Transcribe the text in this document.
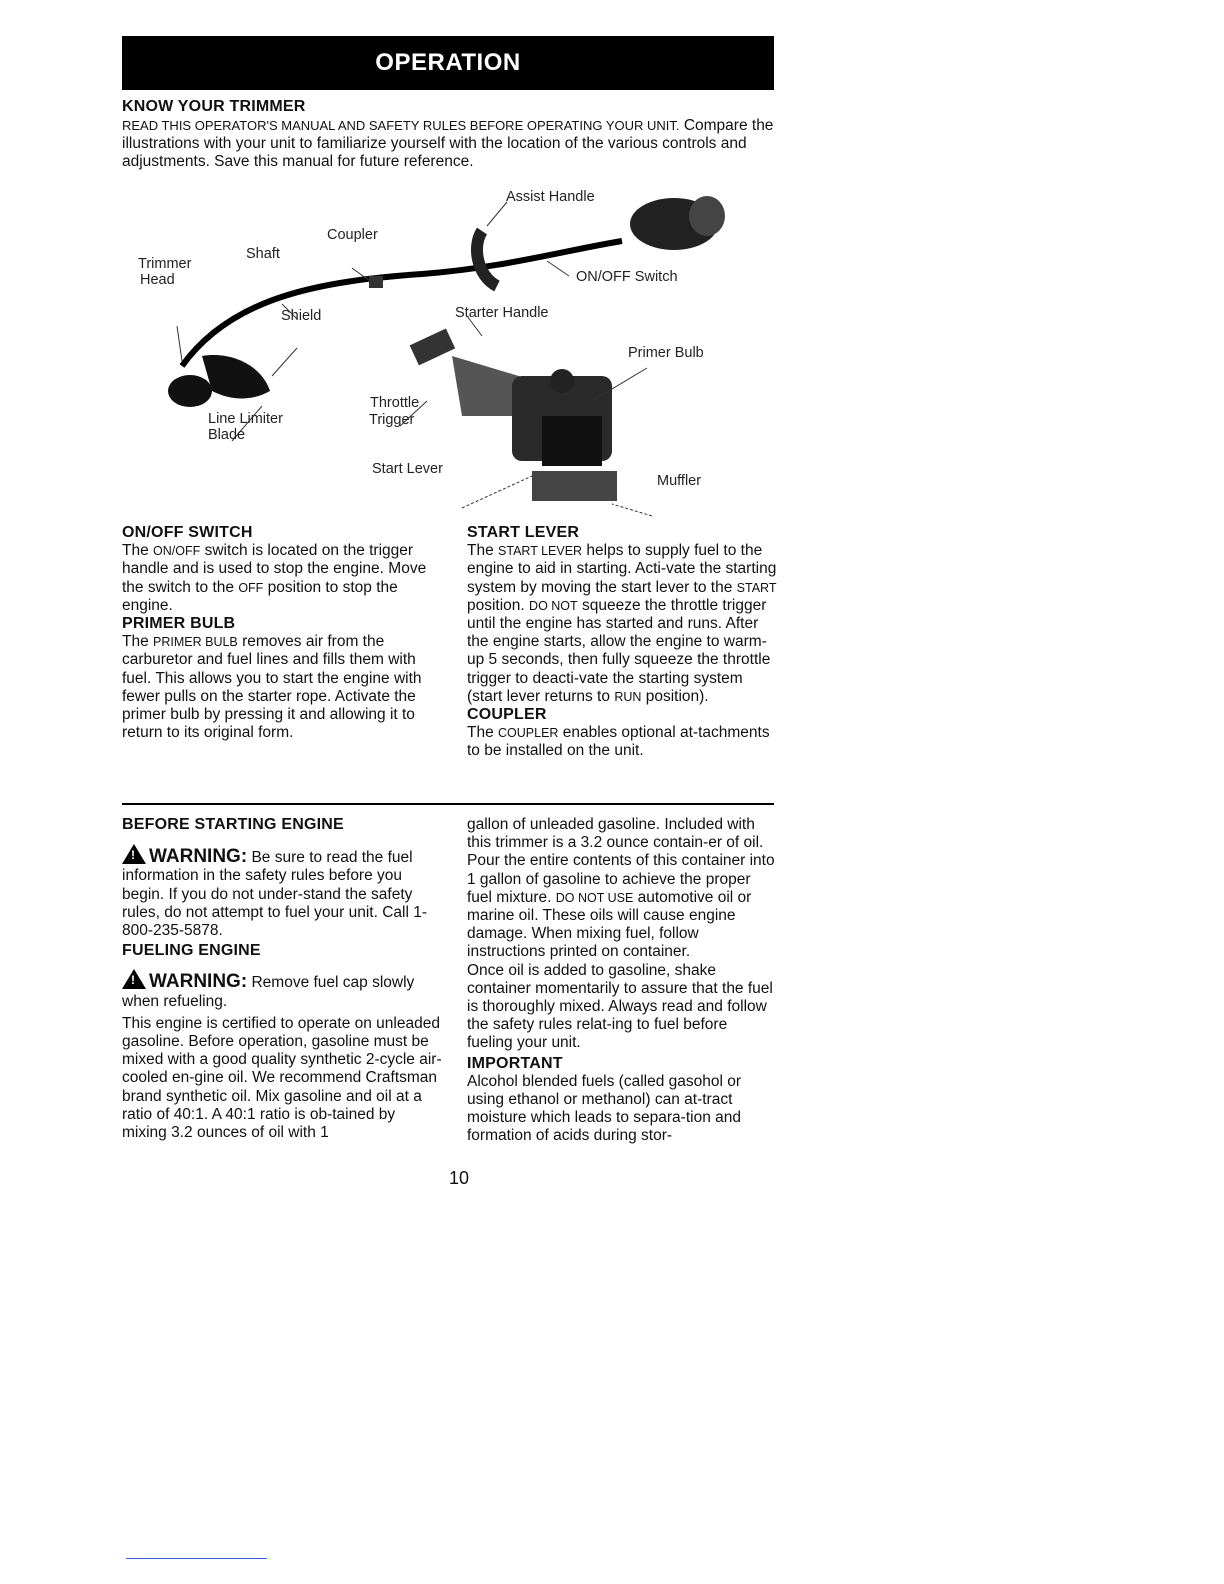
OPERATION
KNOW YOUR TRIMMER
READ THIS OPERATOR'S MANUAL AND SAFETY RULES BEFORE OPERATING YOUR UNIT. Compare the illustrations with your unit to familiarize yourself with the location of the various controls and adjustments. Save this manual for future reference.
Assist Handle
Coupler
Shaft
Trimmer
Head	ON/OFF Switch
Shield	Starter Handle
Primer Bulb
Throttle
Trigger
Line Limiter
Blade
Start Lever
Muffler
ON/OFF SWITCH

The ON/OFF switch is located on the trigger handle and is used to stop the engine. Move the switch to the OFF position to stop the engine.

PRIMER BULB

The PRIMER BULB removes air from the carburetor and fuel lines and fills them with fuel. This allows you to start the engine with fewer pulls on the starter rope. Activate the primer bulb by pressing it and allowing it to return to its original form.

START LEVER

The START LEVER helps to supply fuel to the engine to aid in starting. Acti-vate the starting system by moving the start lever to the START position. DO NOT squeeze the throttle trigger until the engine has started and runs. After the engine starts, allow the engine to warm-up 5 seconds, then fully squeeze the throttle trigger to deacti-vate the starting system (start lever returns to RUN position).

COUPLER

The COUPLER enables optional at-tachments to be installed on the unit.

BEFORE STARTING ENGINE

! WARNING: Be sure to read the fuel information in the safety rules before you begin. If you do not under-stand the safety rules, do not attempt to fuel your unit. Call 1-800-235-5878.

FUELING ENGINE

! WARNING: Remove fuel cap slowly when refueling.

This engine is certified to operate on unleaded gasoline. Before operation, gasoline must be mixed with a good quality synthetic 2-cycle air-cooled en-gine oil. We recommend Craftsman brand synthetic oil. Mix gasoline and oil at a ratio of 40:1. A 40:1 ratio is ob-tained by mixing 3.2 ounces of oil with 1

gallon of unleaded gasoline. Included with this trimmer is a 3.2 ounce contain-er of oil. Pour the entire contents of this container into 1 gallon of gasoline to achieve the proper fuel mixture. DO NOT USE automotive oil or marine oil. These oils will cause engine damage. When mixing fuel, follow instructions printed on container.

Once oil is added to gasoline, shake container momentarily to assure that the fuel is thoroughly mixed. Always read and follow the safety rules relat-ing to fuel before fueling your unit.

IMPORTANT

Alcohol blended fuels (called gasohol or using ethanol or methanol) can at-tract moisture which leads to separa-tion and formation of acids during stor-

10
